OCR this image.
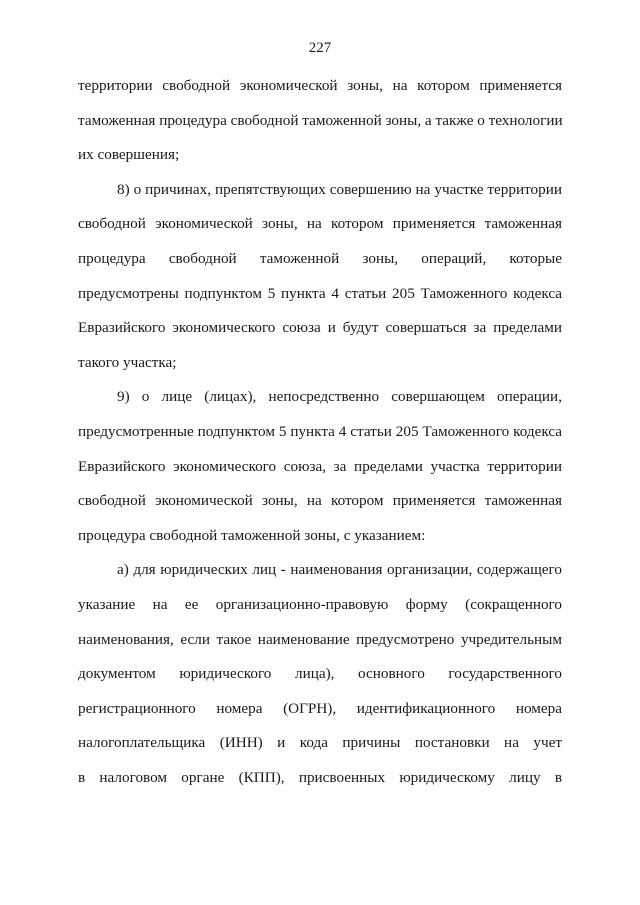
227
территории свободной экономической зоны, на котором применяется
таможенная процедура свободной таможенной зоны, а также о технологии
их совершения;
8) о причинах, препятствующих совершению на участке территории
свободной экономической зоны, на котором применяется таможенная
процедура свободной таможенной зоны, операций, которые
предусмотрены подпунктом 5 пункта 4 статьи 205 Таможенного кодекса
Евразийского экономического союза и будут совершаться за пределами
такого участка;
9) о лице (лицах), непосредственно совершающем операции,
предусмотренные подпунктом 5 пункта 4 статьи 205 Таможенного кодекса
Евразийского экономического союза, за пределами участка территории
свободной экономической зоны, на котором применяется таможенная
процедура свободной таможенной зоны, с указанием:
а) для юридических лиц - наименования организации, содержащего
указание на ее организационно-правовую форму (сокращенного
наименования, если такое наименование предусмотрено учредительным
документом юридического лица), основного государственного
регистрационного номера (ОГРН), идентификационного номера
налогоплательщика (ИНН) и кода причины постановки на учет
в налоговом органе (КПП), присвоенных юридическому лицу в
